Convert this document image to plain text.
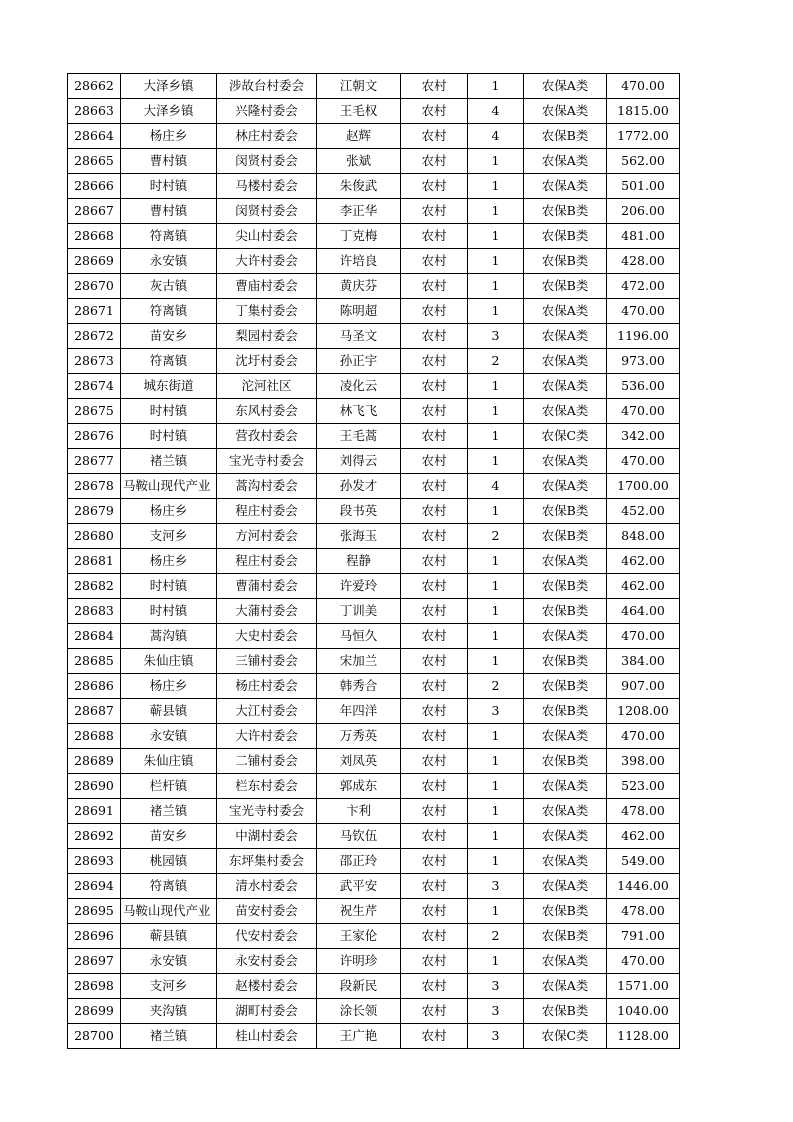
28662	大泽乡镇	涉故台村委会	江朝文	农村	1	农保A类	470.00
28663	大泽乡镇	兴隆村委会	王毛权	农村	4	农保A类	1815.00
28664	杨庄乡	林庄村委会	赵辉	农村	4	农保B类	1772.00
28665	曹村镇	闵贤村委会	张斌	农村	1	农保A类	562.00
28666	时村镇	马楼村委会	朱俊武	农村	1	农保A类	501.00
28667	曹村镇	闵贤村委会	李正华	农村	1	农保B类	206.00
28668	符离镇	尖山村委会	丁克梅	农村	1	农保B类	481.00
28669	永安镇	大许村委会	许培良	农村	1	农保B类	428.00
28670	灰古镇	曹庙村委会	黄庆芬	农村	1	农保B类	472.00
28671	符离镇	丁集村委会	陈明超	农村	1	农保A类	470.00
28672	苗安乡	梨园村委会	马圣文	农村	3	农保A类	1196.00
28673	符离镇	沈圩村委会	孙正宇	农村	2	农保A类	973.00
28674	城东街道	沱河社区	凌化云	农村	1	农保A类	536.00
28675	时村镇	东风村委会	林飞飞	农村	1	农保A类	470.00
28676	时村镇	营孜村委会	王毛蒿	农村	1	农保C类	342.00
28677	褚兰镇	宝光寺村委会	刘得云	农村	1	农保A类	470.00
28678	马鞍山现代产业	蒿沟村委会	孙发才	农村	4	农保A类	1700.00
28679	杨庄乡	程庄村委会	段书英	农村	1	农保B类	452.00
28680	支河乡	方河村委会	张海玉	农村	2	农保B类	848.00
28681	杨庄乡	程庄村委会	程静	农村	1	农保A类	462.00
28682	时村镇	曹蒲村委会	许爱玲	农村	1	农保B类	462.00
28683	时村镇	大蒲村委会	丁训美	农村	1	农保B类	464.00
28684	蒿沟镇	大史村委会	马恒久	农村	1	农保A类	470.00
28685	朱仙庄镇	三铺村委会	宋加兰	农村	1	农保B类	384.00
28686	杨庄乡	杨庄村委会	韩秀合	农村	2	农保B类	907.00
28687	蕲县镇	大江村委会	年四洋	农村	3	农保B类	1208.00
28688	永安镇	大许村委会	万秀英	农村	1	农保A类	470.00
28689	朱仙庄镇	二铺村委会	刘凤英	农村	1	农保B类	398.00
28690	栏杆镇	栏东村委会	郭成东	农村	1	农保A类	523.00
28691	褚兰镇	宝光寺村委会	卞利	农村	1	农保A类	478.00
28692	苗安乡	中湖村委会	马钦伍	农村	1	农保A类	462.00
28693	桃园镇	东坪集村委会	邵正玲	农村	1	农保A类	549.00
28694	符离镇	清水村委会	武平安	农村	3	农保A类	1446.00
28695	马鞍山现代产业	苗安村委会	祝生芹	农村	1	农保B类	478.00
28696	蕲县镇	代安村委会	王家伦	农村	2	农保B类	791.00
28697	永安镇	永安村委会	许明珍	农村	1	农保A类	470.00
28698	支河乡	赵楼村委会	段新民	农村	3	农保A类	1571.00
28699	夹沟镇	湖町村委会	涂长领	农村	3	农保B类	1040.00
28700	褚兰镇	桂山村委会	王广艳	农村	3	农保C类	1128.00
